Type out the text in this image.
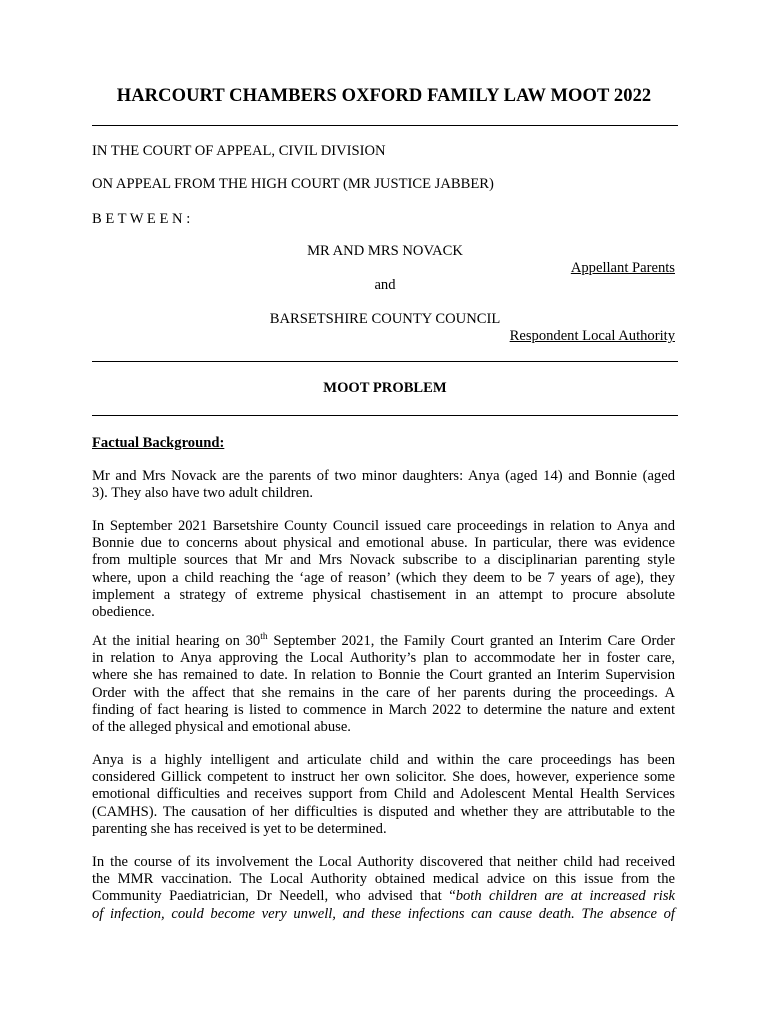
HARCOURT CHAMBERS OXFORD FAMILY LAW MOOT 2022
IN THE COURT OF APPEAL, CIVIL DIVISION
ON APPEAL FROM THE HIGH COURT (MR JUSTICE JABBER)
B E T W E E N :
MR AND MRS NOVACK
Appellant Parents
and
BARSETSHIRE COUNTY COUNCIL
Respondent Local Authority
MOOT PROBLEM
Factual Background:
Mr and Mrs Novack are the parents of two minor daughters: Anya (aged 14) and Bonnie (aged
3). They also have two adult children.
In September 2021 Barsetshire County Council issued care proceedings in relation to Anya and
Bonnie due to concerns about physical and emotional abuse. In particular, there was evidence
from multiple sources that Mr and Mrs Novack subscribe to a disciplinarian parenting style
where, upon a child reaching the ‘age of reason’ (which they deem to be 7 years of age), they
implement a strategy of extreme physical chastisement in an attempt to procure absolute
obedience.
At the initial hearing on 30th September 2021, the Family Court granted an Interim Care Order
in relation to Anya approving the Local Authority’s plan to accommodate her in foster care,
where she has remained to date. In relation to Bonnie the Court granted an Interim Supervision
Order with the affect that she remains in the care of her parents during the proceedings. A
finding of fact hearing is listed to commence in March 2022 to determine the nature and extent
of the alleged physical and emotional abuse.
Anya is a highly intelligent and articulate child and within the care proceedings has been
considered Gillick competent to instruct her own solicitor. She does, however, experience some
emotional difficulties and receives support from Child and Adolescent Mental Health Services
(CAMHS). The causation of her difficulties is disputed and whether they are attributable to the
parenting she has received is yet to be determined.
In the course of its involvement the Local Authority discovered that neither child had received
the MMR vaccination. The Local Authority obtained medical advice on this issue from the
Community Paediatrician, Dr Needell, who advised that “both children are at increased risk
of infection, could become very unwell, and these infections can cause death. The absence of
